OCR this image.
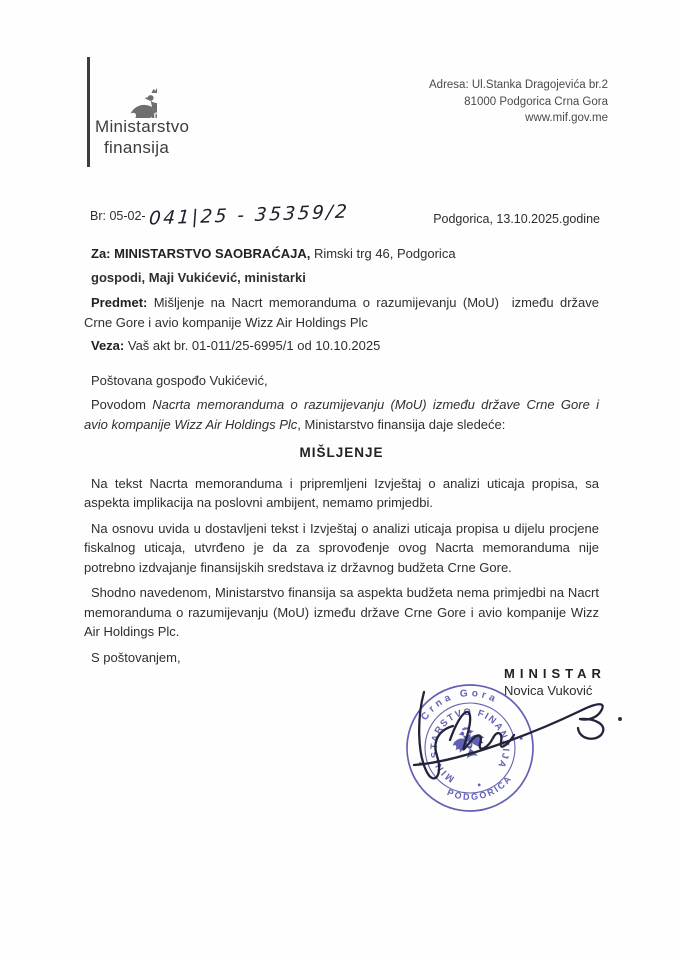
Ministarstvo
finansija
Adresa: Ul.Stanka Dragojevića br.2
81000 Podgorica Crna Gora
www.mif.gov.me
Br: 05-02- 041|25 - 35359/2	Podgorica, 13.10.2025.godine

Za: MINISTARSTVO SAOBRAĆAJA, Rimski trg 46, Podgorica

gospodi, Maji Vukićević, ministarki

Predmet: Mišljenje na Nacrt memoranduma o razumijevanju (MoU)  između države Crne Gore i avio kompanije Wizz Air Holdings Plc

Veza: Vaš akt br. 01-011/25-6995/1 od 10.10.2025

Poštovana gospođo Vukićević,

Povodom Nacrta memoranduma o razumijevanju (MoU) između države Crne Gore i avio kompanije Wizz Air Holdings Plc, Ministarstvo finansija daje sledeće:

MIŠLJENJE

Na tekst Nacrta memoranduma i pripremljeni Izvještaj o analizi uticaja propisa, sa aspekta implikacija na poslovni ambijent, nemamo primjedbi.

Na osnovu uvida u dostavljeni tekst i Izvještaj o analizi uticaja propisa u dijelu procjene fiskalnog uticaja, utvrđeno je da za sprovođenje ovog Nacrta memoranduma nije potrebno izdvajanje finansijskih sredstava iz državnog budžeta Crne Gore.

Shodno navedenom, Ministarstvo finansija sa aspekta budžeta nema primjedbi na Nacrt memoranduma o razumijevanju (MoU) između države Crne Gore i avio kompanije Wizz Air Holdings Plc.

S poštovanjem,

MINISTAR
Novica Vuković
Crna Gora
PODGORICA
MINISTARSTVO FINANSIJA
